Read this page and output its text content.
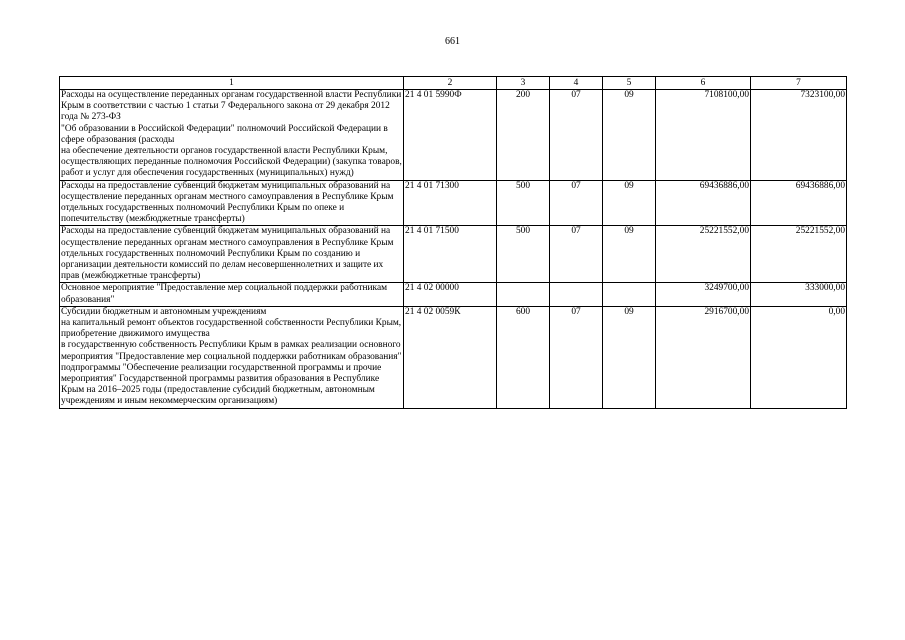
661
1	2	3	4	5	6	7
Расходы на осуществление переданных органам государственной власти Республики Крым в соответствии с частью 1 статьи 7 Федерального закона от 29 декабря 2012 года № 273-ФЗ
"Об образовании в Российской Федерации" полномочий Российской Федерации в сфере образования (расходы
на обеспечение деятельности органов государственной власти Республики Крым, осуществляющих переданные полномочия Российской Федерации) (закупка товаров, работ и услуг для обеспечения государственных (муниципальных) нужд)	21 4 01 5990Ф	200	07	09	7108100,00	7323100,00
Расходы на предоставление субвенций бюджетам муниципальных образований на осуществление переданных органам местного самоуправления в Республике Крым отдельных государственных полномочий Республики Крым по опеке и попечительству (межбюджетные трансферты)	21 4 01 71300	500	07	09	69436886,00	69436886,00
Расходы на предоставление субвенций бюджетам муниципальных образований на осуществление переданных органам местного самоуправления в Республике Крым отдельных государственных полномочий Республики Крым по созданию и организации деятельности комиссий по делам несовершеннолетних и защите их прав (межбюджетные трансферты)	21 4 01 71500	500	07	09	25221552,00	25221552,00
Основное мероприятие "Предоставление мер социальной поддержки работникам образования"	21 4 02 00000				3249700,00	333000,00
Субсидии бюджетным и автономным учреждениям
на капитальный ремонт объектов государственной собственности Республики Крым, приобретение движимого имущества
в государственную собственность Республики Крым в рамках реализации основного мероприятия "Предоставление мер социальной поддержки работникам образования" подпрограммы "Обеспечение реализации государственной программы и прочие мероприятия" Государственной программы развития образования в Республике Крым на 2016–2025 годы (предоставление субсидий бюджетным, автономным учреждениям и иным некоммерческим организациям)	21 4 02 0059К	600	07	09	2916700,00	0,00
